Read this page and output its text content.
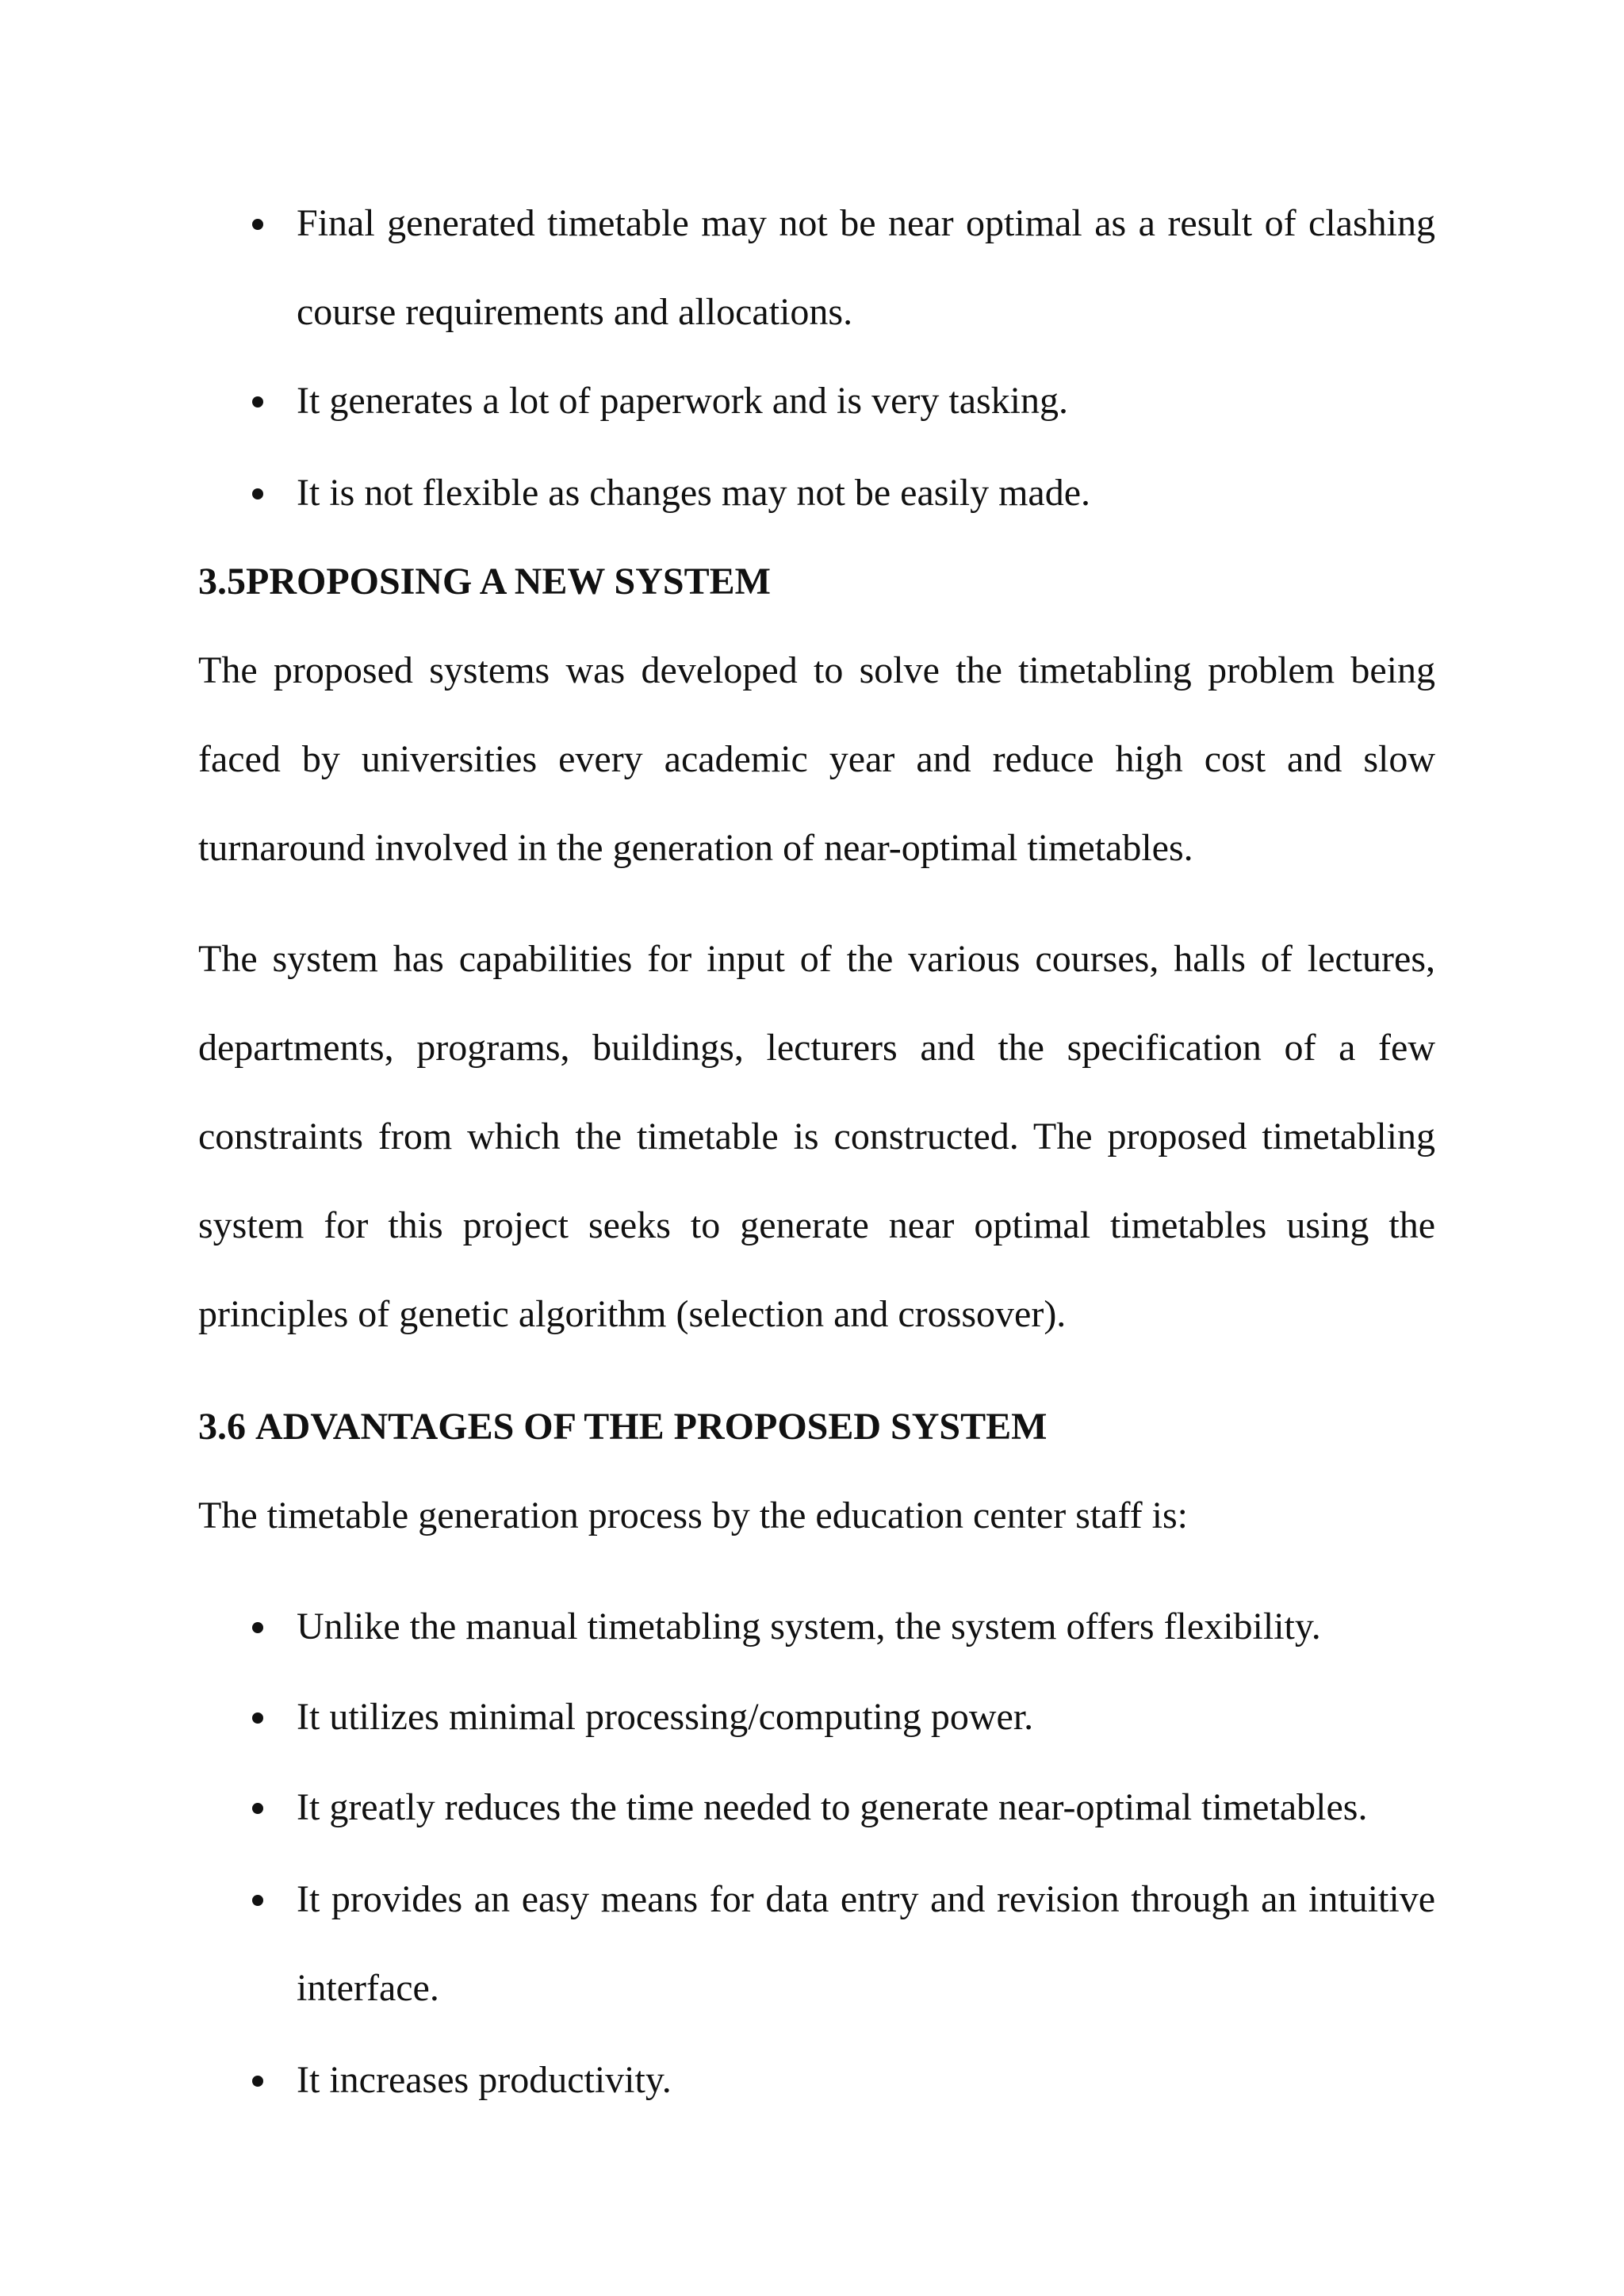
Final generated timetable may not be near optimal as a result of clashing
course requirements and allocations.
It generates a lot of paperwork and is very tasking.
It is not flexible as changes may not be easily made.
3.5PROPOSING A NEW SYSTEM
The proposed systems was developed to solve the timetabling problem being
faced by universities every academic year and reduce high cost and slow
turnaround involved in the generation of near-optimal timetables.
The system has capabilities for input of the various courses, halls of lectures,
departments, programs, buildings, lecturers and the specification of a few
constraints from which the timetable is constructed. The proposed timetabling
system for this project seeks to generate near optimal timetables using the
principles of genetic algorithm (selection and crossover).
3.6 ADVANTAGES OF THE PROPOSED SYSTEM
The timetable generation process by the education center staff is:
Unlike the manual timetabling system, the system offers flexibility.
It utilizes minimal processing/computing power.
It greatly reduces the time needed to generate near-optimal timetables.
It provides an easy means for data entry and revision through an intuitive
interface.
It increases productivity.
